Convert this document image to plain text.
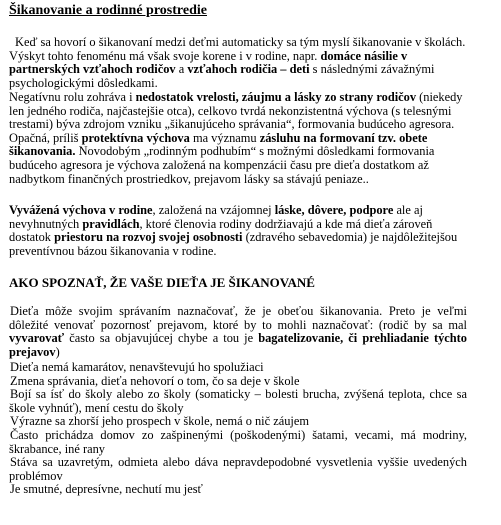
Šikanovanie a rodinné prostredie

Keď sa hovorí o šikanovaní medzi deťmi automaticky sa tým myslí šikanovanie v školách. Výskyt tohto fenoménu má však svoje korene i v rodine, napr. domáce násilie v partnerských vzťahoch rodičov a vzťahoch rodičia – deti s následnými závažnými psychologickými dôsledkami.

Negatívnu rolu zohráva i nedostatok vrelosti, záujmu a lásky zo strany rodičov (niekedy len jedného rodiča, najčastejšie otca), celkovo tvrdá nekonzistentná výchova (s telesnými trestami) býva zdrojom vzniku „šikanujúceho správania“, formovania budúceho agresora. Opačná, príliš protektívna výchova ma významu zásluhu na formovaní tzv. obete šikanovania. Novodobým „rodinným podhubím“ s možnými dôsledkami formovania budúceho agresora je výchova založená na kompenzácii času pre dieťa dostatkom až nadbytkom finančných prostriedkov, prejavom lásky sa stávajú peniaze..

Vyvážená výchova v rodine, založená na vzájomnej láske, dôvere, podpore ale aj nevyhnutných pravidlách, ktoré členovia rodiny dodržiavajú a kde má dieťa zároveň dostatok priestoru na rozvoj svojej osobnosti (zdravého sebavedomia) je najdôležitejšou preventívnou bázou šikanovania v rodine.

AKO SPOZNAŤ, ŽE VAŠE DIEŤA JE ŠIKANOVANÉ

Dieťa môže svojim správaním naznačovať, že je obeťou šikanovania. Preto je veľmi dôležité venovať pozornosť prejavom, ktoré by to mohli naznačovať: (rodič by sa mal vyvarovať často sa objavujúcej chybe a tou je bagatelizovanie, či prehliadanie týchto prejavov)

Dieťa nemá kamarátov, nenavštevujú ho spolužiaci

Zmena správania, dieťa nehovorí o tom, čo sa deje v škole

Bojí sa ísť do školy alebo zo školy (somaticky – bolesti brucha, zvýšená teplota, chce sa škole vyhnúť), mení cestu do školy

Výrazne sa zhorší jeho prospech v škole, nemá o nič záujem

Často prichádza domov zo zašpinenými (poškodenými) šatami, vecami, má modriny, škrabance, iné rany

Stáva sa uzavretým, odmieta alebo dáva nepravdepodobné vysvetlenia vyššie uvedených problémov

Je smutné, depresívne, nechutí mu jesť
